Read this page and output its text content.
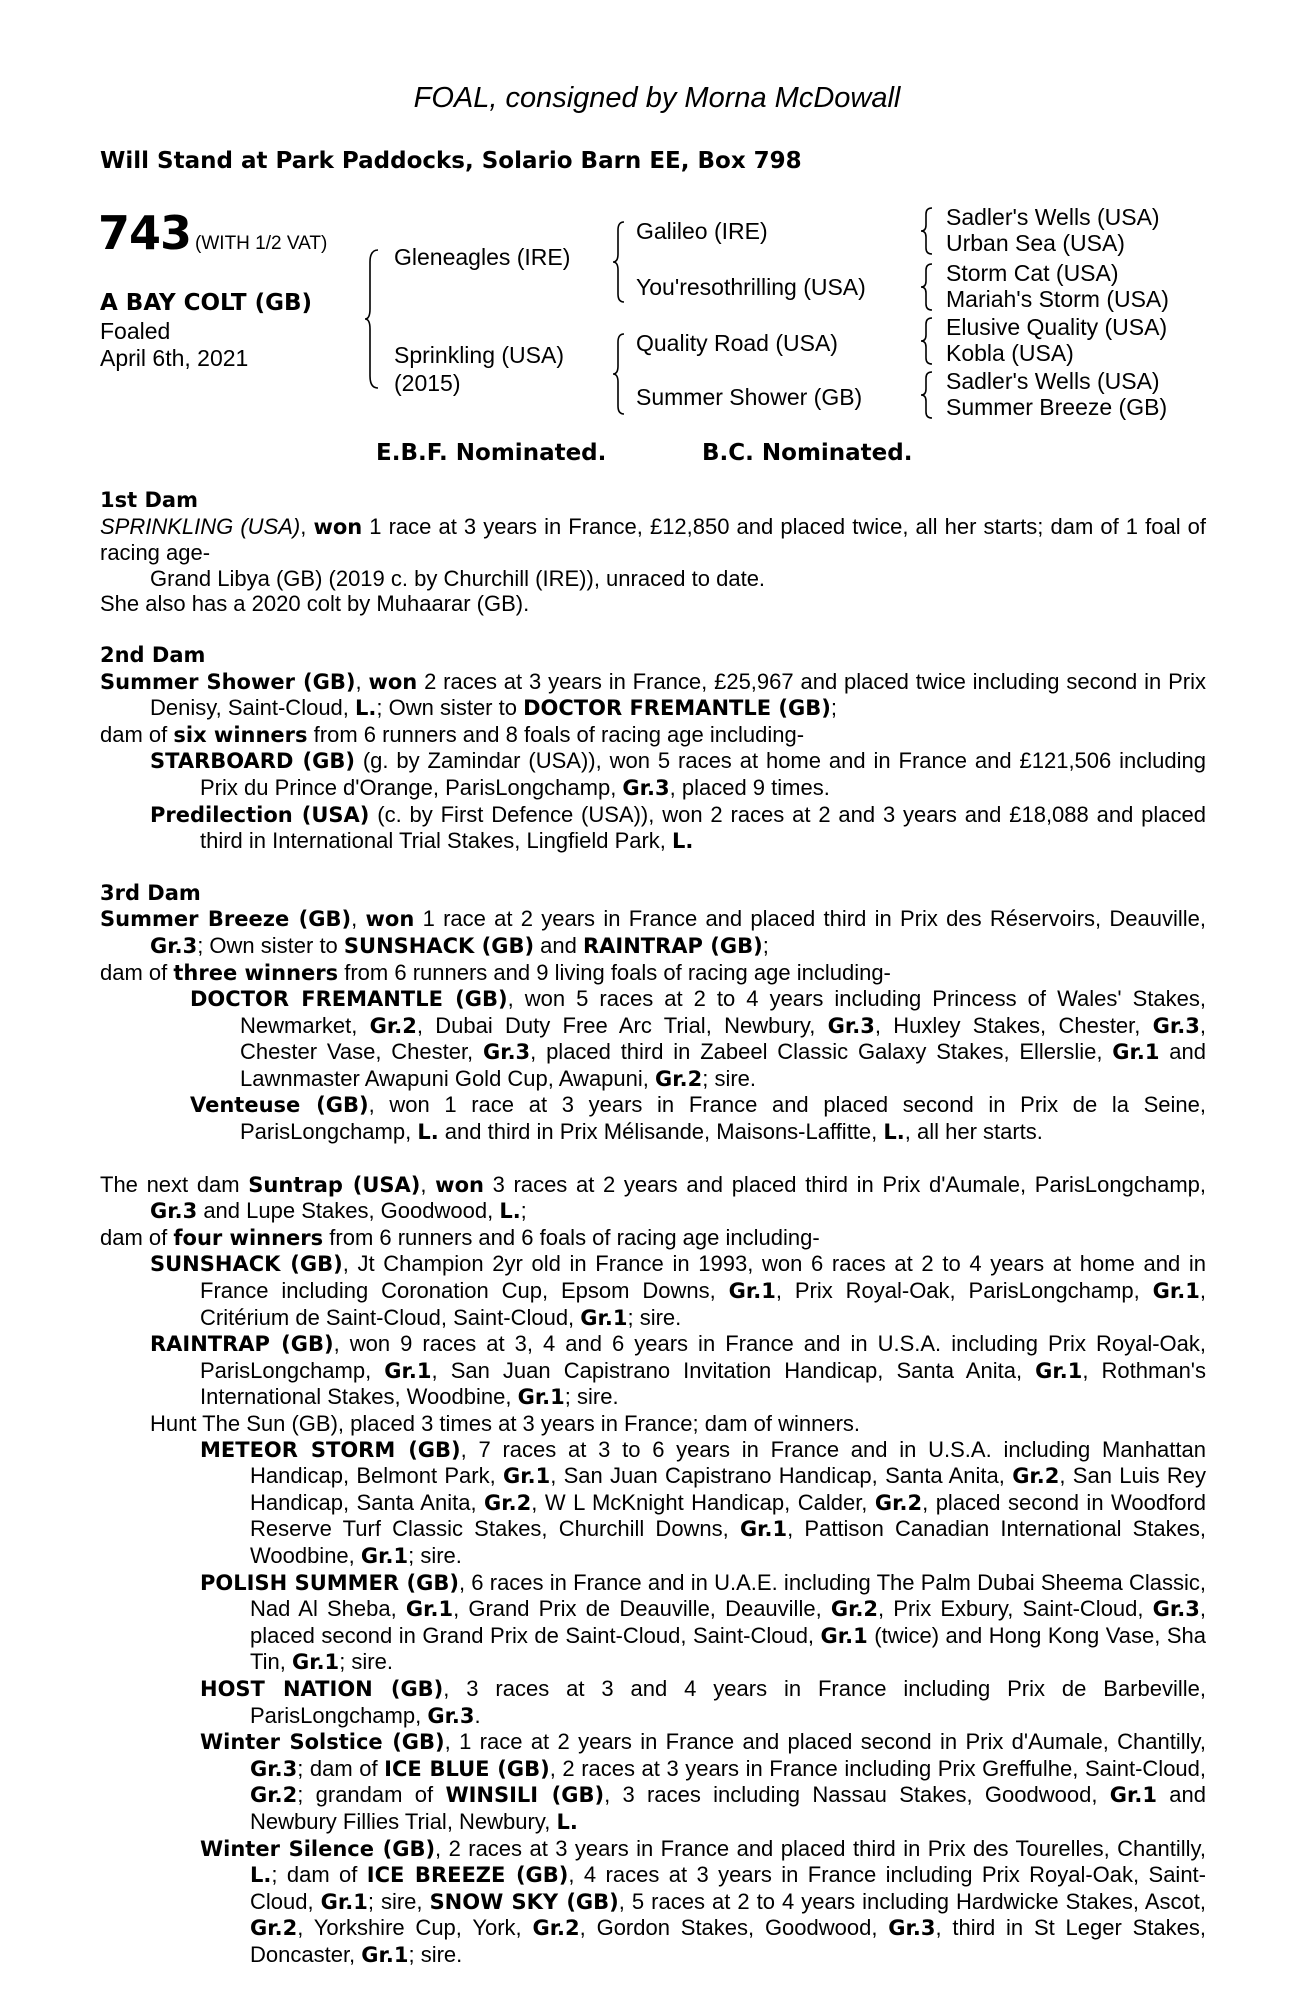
FOAL, consigned by Morna McDowall
Will Stand at Park Paddocks, Solario Barn EE, Box 798
743 (WITH 1/2 VAT)
A BAY COLT (GB)
Foaled
April 6th, 2021
Gleneagles (IRE)
Sprinkling (USA)
(2015)
Galileo (IRE)
You'resothrilling (USA)
Quality Road (USA)
Summer Shower (GB)
Sadler's Wells (USA)
Urban Sea (USA)
Storm Cat (USA)
Mariah's Storm (USA)
Elusive Quality (USA)
Kobla (USA)
Sadler's Wells (USA)
Summer Breeze (GB)
E.B.F. Nominated.	B.C. Nominated.
1st Dam
SPRINKLING (USA), won 1 race at 3 years in France, £12,850 and placed twice, all her starts; dam of 1 foal of racing age-
Grand Libya (GB) (2019 c. by Churchill (IRE)), unraced to date.
She also has a 2020 colt by Muhaarar (GB).
2nd Dam
Summer Shower (GB), won 2 races at 3 years in France, £25,967 and placed twice including second in Prix Denisy, Saint-Cloud, L.; Own sister to DOCTOR FREMANTLE (GB);
dam of six winners from 6 runners and 8 foals of racing age including-
STARBOARD (GB) (g. by Zamindar (USA)), won 5 races at home and in France and £121,506 including Prix du Prince d'Orange, ParisLongchamp, Gr.3, placed 9 times.
Predilection (USA) (c. by First Defence (USA)), won 2 races at 2 and 3 years and £18,088 and placed third in International Trial Stakes, Lingfield Park, L.
3rd Dam
Summer Breeze (GB), won 1 race at 2 years in France and placed third in Prix des Réservoirs, Deauville, Gr.3; Own sister to SUNSHACK (GB) and RAINTRAP (GB);
dam of three winners from 6 runners and 9 living foals of racing age including-
DOCTOR FREMANTLE (GB), won 5 races at 2 to 4 years including Princess of Wales' Stakes, Newmarket, Gr.2, Dubai Duty Free Arc Trial, Newbury, Gr.3, Huxley Stakes, Chester, Gr.3, Chester Vase, Chester, Gr.3, placed third in Zabeel Classic Galaxy Stakes, Ellerslie, Gr.1 and Lawnmaster Awapuni Gold Cup, Awapuni, Gr.2; sire.
Venteuse (GB), won 1 race at 3 years in France and placed second in Prix de la Seine, ParisLongchamp, L. and third in Prix Mélisande, Maisons-Laffitte, L., all her starts.
The next dam Suntrap (USA), won 3 races at 2 years and placed third in Prix d'Aumale, ParisLongchamp, Gr.3 and Lupe Stakes, Goodwood, L.;
dam of four winners from 6 runners and 6 foals of racing age including-
SUNSHACK (GB), Jt Champion 2yr old in France in 1993, won 6 races at 2 to 4 years at home and in France including Coronation Cup, Epsom Downs, Gr.1, Prix Royal-Oak, ParisLongchamp, Gr.1, Critérium de Saint-Cloud, Saint-Cloud, Gr.1; sire.
RAINTRAP (GB), won 9 races at 3, 4 and 6 years in France and in U.S.A. including Prix Royal-Oak, ParisLongchamp, Gr.1, San Juan Capistrano Invitation Handicap, Santa Anita, Gr.1, Rothman's International Stakes, Woodbine, Gr.1; sire.
Hunt The Sun (GB), placed 3 times at 3 years in France; dam of winners.
METEOR STORM (GB), 7 races at 3 to 6 years in France and in U.S.A. including Manhattan Handicap, Belmont Park, Gr.1, San Juan Capistrano Handicap, Santa Anita, Gr.2, San Luis Rey Handicap, Santa Anita, Gr.2, W L McKnight Handicap, Calder, Gr.2, placed second in Woodford Reserve Turf Classic Stakes, Churchill Downs, Gr.1, Pattison Canadian International Stakes, Woodbine, Gr.1; sire.
POLISH SUMMER (GB), 6 races in France and in U.A.E. including The Palm Dubai Sheema Classic, Nad Al Sheba, Gr.1, Grand Prix de Deauville, Deauville, Gr.2, Prix Exbury, Saint-Cloud, Gr.3, placed second in Grand Prix de Saint-Cloud, Saint-Cloud, Gr.1 (twice) and Hong Kong Vase, Sha Tin, Gr.1; sire.
HOST NATION (GB), 3 races at 3 and 4 years in France including Prix de Barbeville, ParisLongchamp, Gr.3.
Winter Solstice (GB), 1 race at 2 years in France and placed second in Prix d'Aumale, Chantilly, Gr.3; dam of ICE BLUE (GB), 2 races at 3 years in France including Prix Greffulhe, Saint-Cloud, Gr.2; grandam of WINSILI (GB), 3 races including Nassau Stakes, Goodwood, Gr.1 and Newbury Fillies Trial, Newbury, L.
Winter Silence (GB), 2 races at 3 years in France and placed third in Prix des Tourelles, Chantilly, L.; dam of ICE BREEZE (GB), 4 races at 3 years in France including Prix Royal-Oak, Saint-Cloud, Gr.1; sire, SNOW SKY (GB), 5 races at 2 to 4 years including Hardwicke Stakes, Ascot, Gr.2, Yorkshire Cup, York, Gr.2, Gordon Stakes, Goodwood, Gr.3, third in St Leger Stakes, Doncaster, Gr.1; sire.
